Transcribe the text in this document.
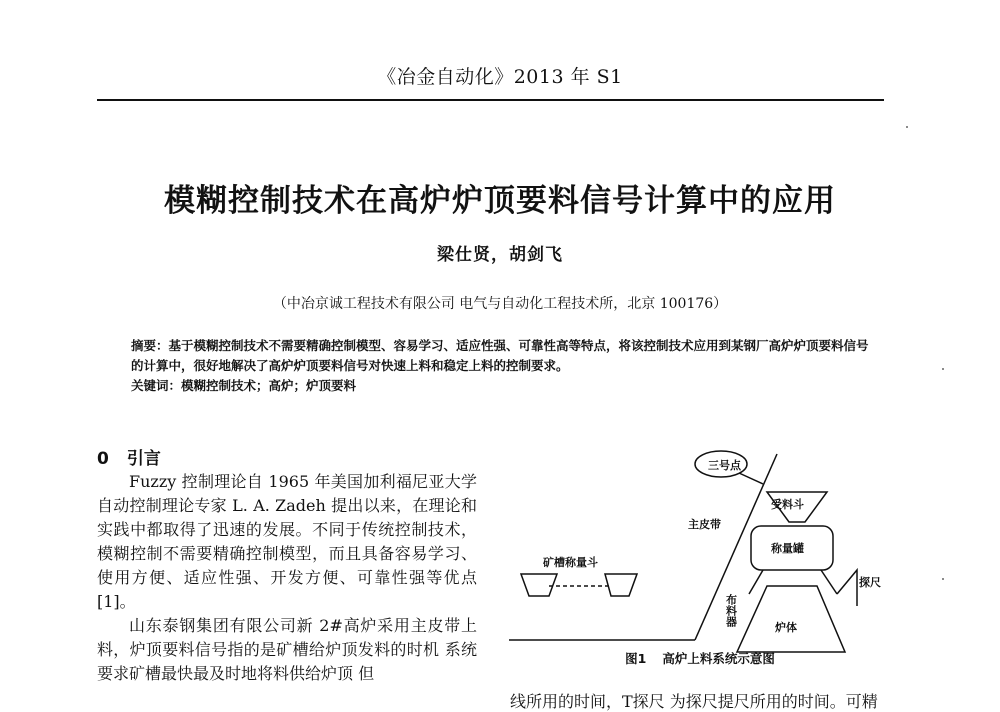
《冶金自动化》2013 年 S1
模糊控制技术在高炉炉顶要料信号计算中的应用
梁仕贤，胡剑飞
（中冶京诚工程技术有限公司 电气与自动化工程技术所，北京 100176）

摘要：基于模糊控制技术不需要精确控制模型、容易学习、适应性强、可靠性高等特点，将该控制技术应用到某钢厂高炉炉顶要料信号的计算中，很好地解决了高炉炉顶要料信号对快速上料和稳定上料的控制要求。

关键词：模糊控制技术；高炉；炉顶要料

0 引言

Fuzzy 控制理论自 1965 年美国加利福尼亚大学自动控制理论专家 L. A. Zadeh 提出以来，在理论和实践中都取得了迅速的发展。不同于传统控制技术，模糊控制不需要精确控制模型，而且具备容易学习、使用方便、适应性强、开发方便、可靠性强等优点[1]。

山东泰钢集团有限公司新 2#高炉采用主皮带上料，炉顶要料信号指的是矿槽给炉顶发料的时机 系统要求矿槽最快最及时地将料供给炉顶 但

三号点
受料斗
主皮带
称量罐
矿槽称量斗
布料器
探尺
炉体
图1 高炉上料系统示意图
线所用的时间，T探尺 为探尺提尺所用的时间。可精
